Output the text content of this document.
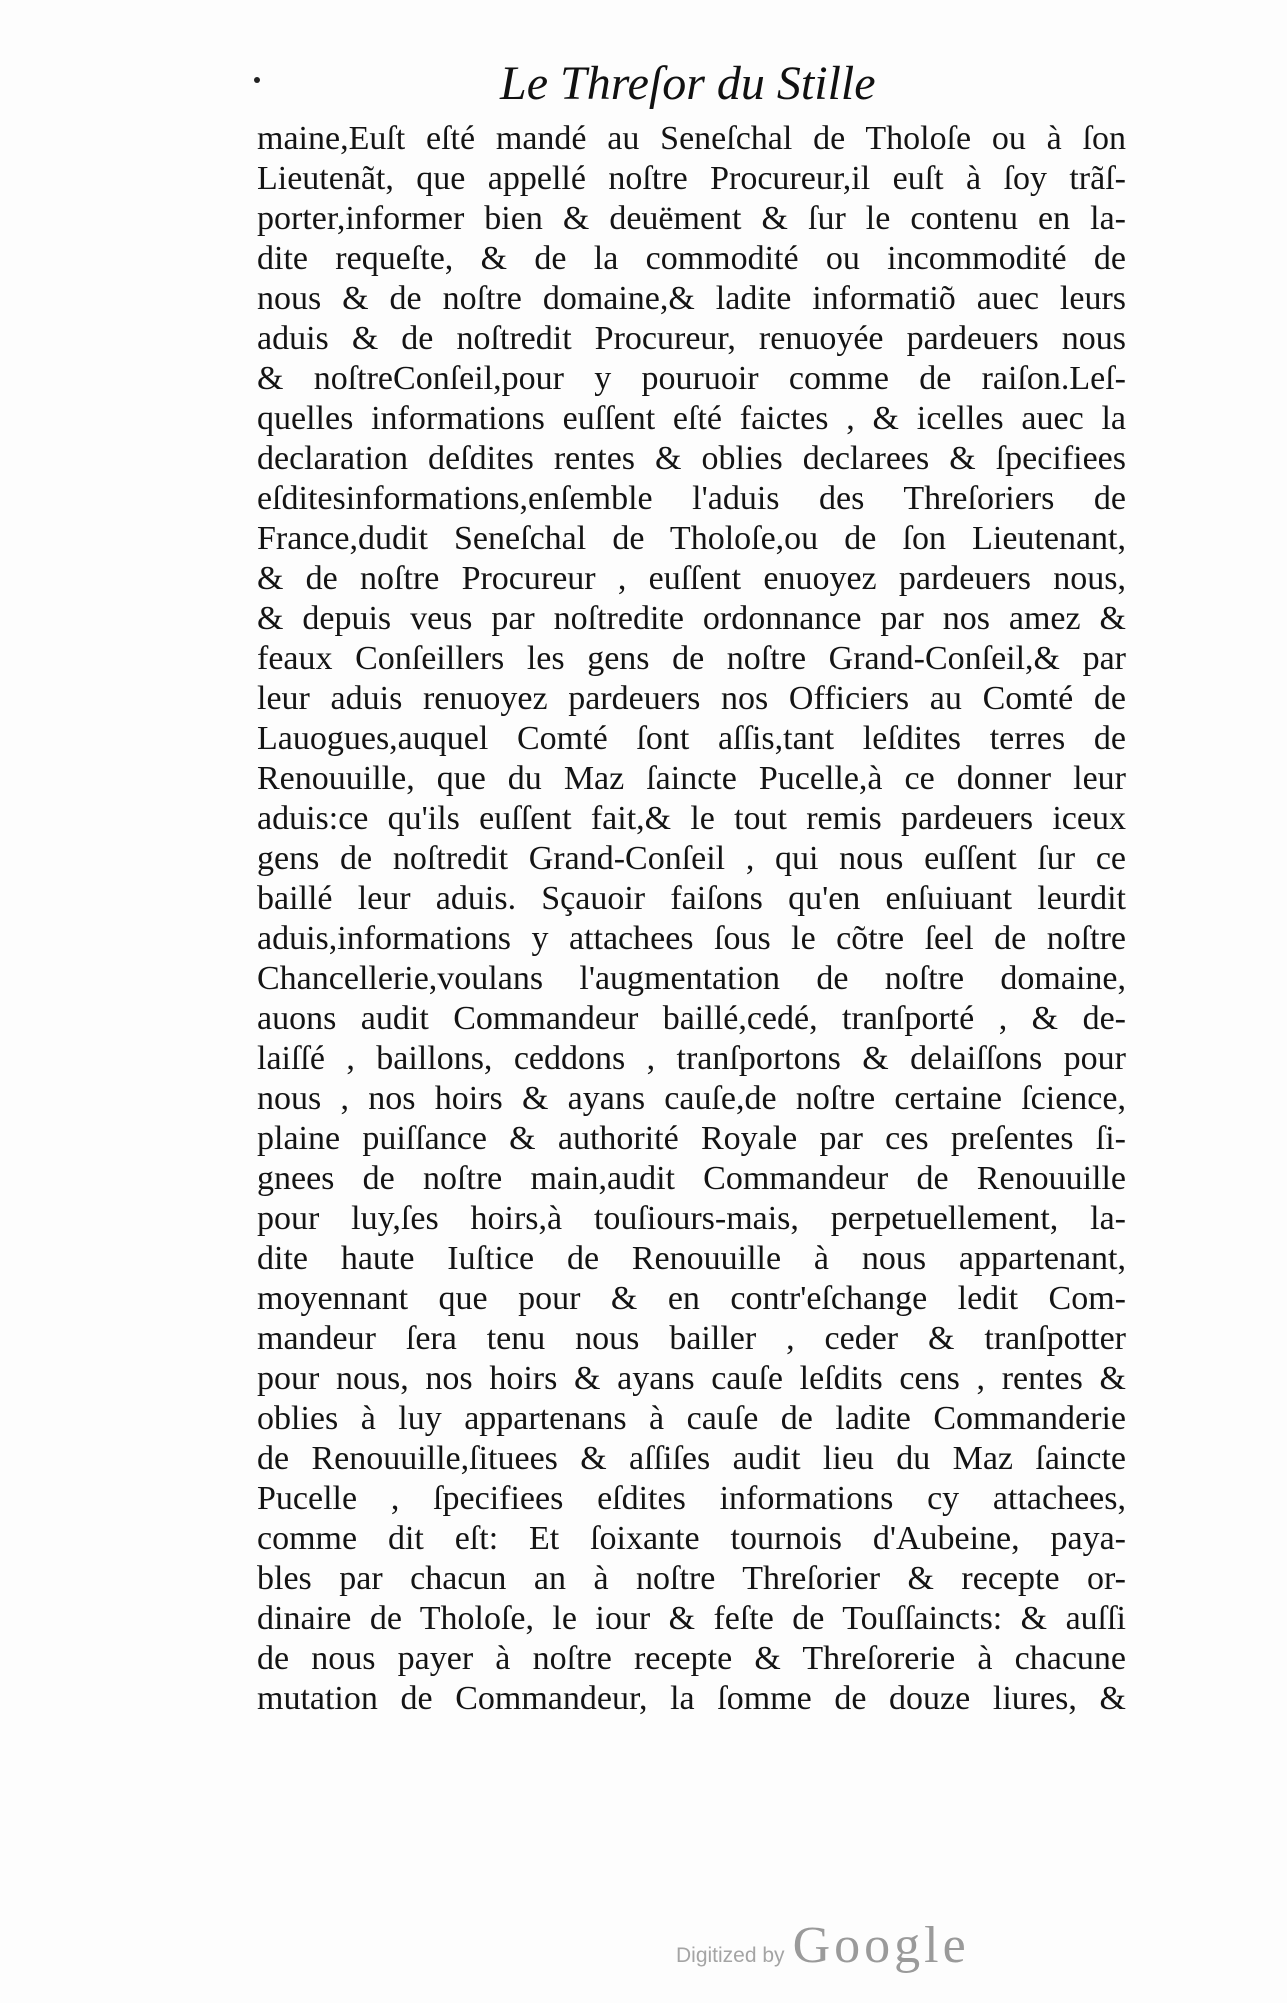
Le Threſor du Stille
maine,Euſt eſté mandé au Seneſchal de Tholoſe ou à ſon
Lieutenãt, que appellé noſtre Procureur,il euſt à ſoy trãſ-
porter,informer bien & deuëment & ſur le contenu en la-
dite requeſte, & de la commodité ou incommodité de
nous & de noſtre domaine,& ladite informatiõ auec leurs
aduis & de noſtredit Procureur, renuoyée pardeuers nous
& noſtreConſeil,pour y pouruoir comme de raiſon.Leſ-
quelles informations euſſent eſté faictes , & icelles auec la
declaration deſdites rentes & oblies declarees & ſpecifiees
eſditesinformations,enſemble l'aduis des Threſoriers de
France,dudit Seneſchal de Tholoſe,ou de ſon Lieutenant,
& de noſtre Procureur , euſſent enuoyez pardeuers nous,
& depuis veus par noſtredite ordonnance par nos amez &
feaux Conſeillers les gens de noſtre Grand-Conſeil,& par
leur aduis renuoyez pardeuers nos Officiers au Comté de
Lauogues,auquel Comté ſont aſſis,tant leſdites terres de
Renouuille, que du Maz ſaincte Pucelle,à ce donner leur
aduis:ce qu'ils euſſent fait,& le tout remis pardeuers iceux
gens de noſtredit Grand-Conſeil , qui nous euſſent ſur ce
baillé leur aduis. Sçauoir faiſons qu'en enſuiuant leurdit
aduis,informations y attachees ſous le cõtre ſeel de noſtre
Chancellerie,voulans l'augmentation de noſtre domaine,
auons audit Commandeur baillé,cedé, tranſporté , & de-
laiſſé , baillons, ceddons , tranſportons & delaiſſons pour
nous , nos hoirs & ayans cauſe,de noſtre certaine ſcience,
plaine puiſſance & authorité Royale par ces preſentes ſi-
gnees de noſtre main,audit Commandeur de Renouuille
pour luy,ſes hoirs,à touſiours-mais, perpetuellement, la-
dite haute Iuſtice de Renouuille à nous appartenant,
moyennant que pour & en contr'eſchange ledit Com-
mandeur ſera tenu nous bailler , ceder & tranſpotter
pour nous, nos hoirs & ayans cauſe leſdits cens , rentes &
oblies à luy appartenans à cauſe de ladite Commanderie
de Renouuille,ſituees & aſſiſes audit lieu du Maz ſaincte
Pucelle , ſpecifiees eſdites informations cy attachees,
comme dit eſt: Et ſoixante tournois d'Aubeine, paya-
bles par chacun an à noſtre Threſorier & recepte or-
dinaire de Tholoſe, le iour & feſte de Touſſaincts: & auſſi
de nous payer à noſtre recepte & Threſorerie à chacune
mutation de Commandeur, la ſomme de douze liures, &
Digitized by Google
